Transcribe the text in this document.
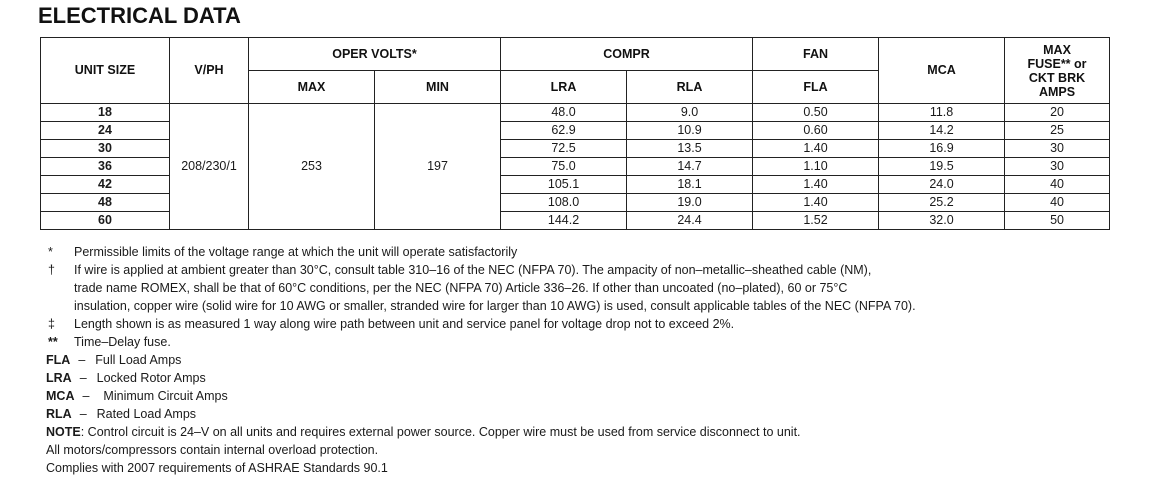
ELECTRICAL DATA
UNIT SIZE	V/PH	OPER VOLTS*		COMPR		FAN	MCA	MAX
FUSE** or
CKT BRK
AMPS

		MAX	MIN	LRA	RLA	FLA		
18	208/230/1	253	197	48.0	9.0	0.50	11.8	20
24				62.9	10.9	0.60	14.2	25
30				72.5	13.5	1.40	16.9	30
36				75.0	14.7	1.10	19.5	30
42				105.1	18.1	1.40	24.0	40
48				108.0	19.0	1.40	25.2	40
60				144.2	24.4	1.52	32.0	50
*	Permissible limits of the voltage range at which the unit will operate satisfactorily
†	If wire is applied at ambient greater than 30°C, consult table 310–16 of the NEC (NFPA 70). The ampacity of non–metallic–sheathed cable (NM),
trade name ROMEX, shall be that of 60°C conditions, per the NEC (NFPA 70) Article 336–26. If other than uncoated (no–plated), 60 or 75°C
insulation, copper wire (solid wire for 10 AWG or smaller, stranded wire for larger than 10 AWG) is used, consult applicable tables of the NEC (NFPA 70).
‡	Length shown is as measured 1 way along wire path between unit and service panel for voltage drop not to exceed 2%.
**	Time–Delay fuse.
FLA – Full Load Amps
LRA – Locked Rotor Amps
MCA – Minimum Circuit Amps
RLA – Rated Load Amps
NOTE: Control circuit is 24–V on all units and requires external power source. Copper wire must be used from service disconnect to unit.
All motors/compressors contain internal overload protection.
Complies with 2007 requirements of ASHRAE Standards 90.1
